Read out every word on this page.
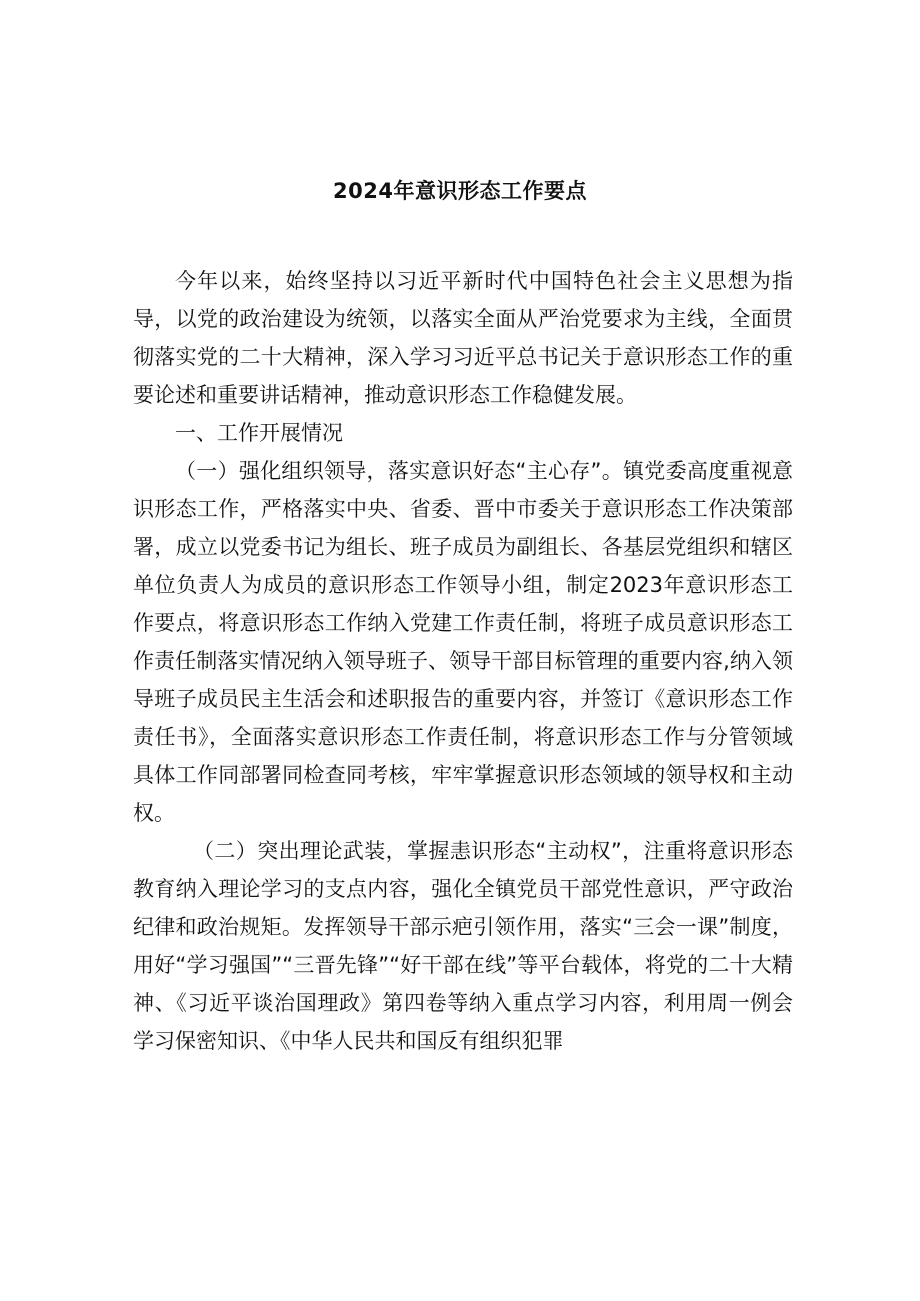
2024年意识形态工作要点

今年以来，始终坚持以习近平新时代中国特色社会主义思想为指导，以党的政治建设为统领，以落实全面从严治党要求为主线，全面贯彻落实党的二十大精神，深入学习习近平总书记关于意识形态工作的重要论述和重要讲话精神，推动意识形态工作稳健发展。

一、工作开展情况

（一）强化组织领导，落实意识好态“主心存”。镇党委高度重视意识形态工作，严格落实中央、省委、晋中市委关于意识形态工作决策部署，成立以党委书记为组长、班子成员为副组长、各基层党组织和辖区单位负责人为成员的意识形态工作领导小组，制定2023年意识形态工作要点，将意识形态工作纳入党建工作责任制，将班子成员意识形态工作责任制落实情况纳入领导班子、领导干部目标管理的重要内容,纳入领导班子成员民主生活会和述职报告的重要内容，并签订《意识形态工作责任书》，全面落实意识形态工作责任制，将意识形态工作与分管领域具体工作同部署同检查同考核，牢牢掌握意识形态领域的领导权和主动权。

（二）突出理论武装，掌握恚识形态“主动权”，注重将意识形态教育纳入理论学习的支点内容，强化全镇党员干部党性意识，严守政治纪律和政治规矩。发挥领导干部示疤引领作用，落实“三会一课”制度，用好“学习强国”“三晋先锋”“好干部在线”等平台载体，将党的二十大精神、《习近平谈治国理政》第四卷等纳入重点学习内容，利用周一例会学习保密知识、《中华人民共和国反有组织犯罪
